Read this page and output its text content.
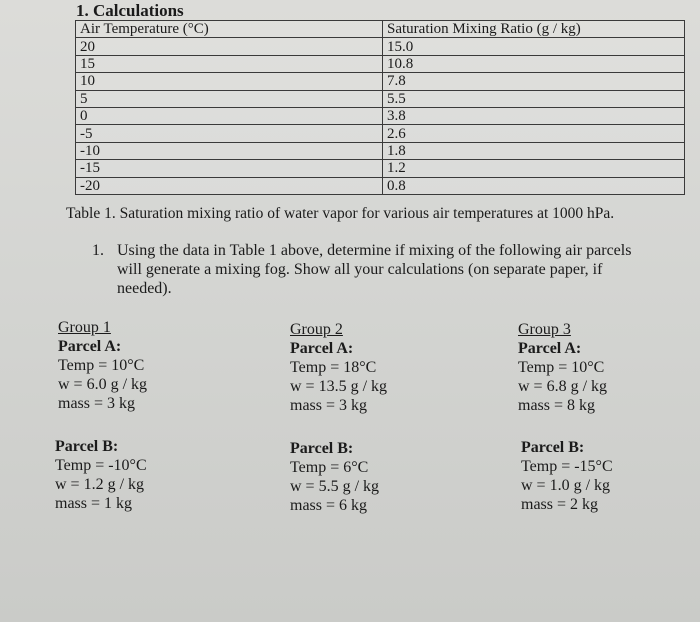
1. Calculations
Air Temperature (°C)	Saturation Mixing Ratio (g / kg)
20	15.0
15	10.8
10	7.8
5	5.5
0	3.8
-5	2.6
-10	1.8
-15	1.2
-20	0.8
Table 1. Saturation mixing ratio of water vapor for various air temperatures at 1000 hPa.
1. Using the data in Table 1 above, determine if mixing of the following air parcels will generate a mixing fog. Show all your calculations (on separate paper, if needed).
Group 1
Parcel A:
Temp = 10°C
w = 6.0 g / kg
mass = 3 kg
Group 2
Parcel A:
Temp = 18°C
w = 13.5 g / kg
mass = 3 kg
Group 3
Parcel A:
Temp = 10°C
w = 6.8 g / kg
mass = 8 kg
Parcel B:
Temp = -10°C
w = 1.2 g / kg
mass = 1 kg
Parcel B:
Temp = 6°C
w = 5.5 g / kg
mass = 6 kg
Parcel B:
Temp = -15°C
w = 1.0 g / kg
mass = 2 kg
